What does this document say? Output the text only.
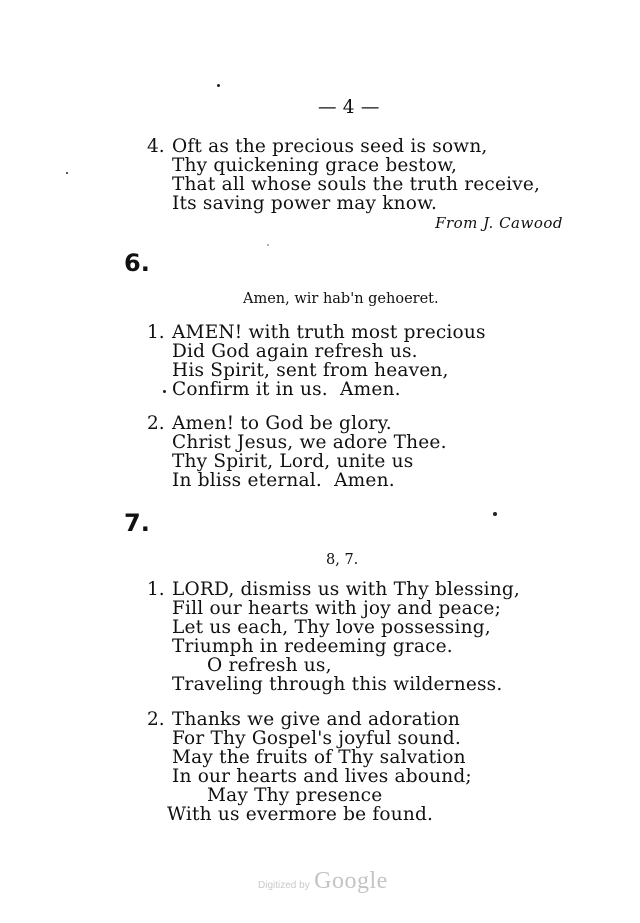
— 4 —
4. Oft as the precious seed is sown,
Thy quickening grace bestow,
That all whose souls the truth receive,
Its saving power may know.
From J. Cawood
6.
Amen, wir hab'n gehoeret.
1. AMEN! with truth most precious
Did God again refresh us.
His Spirit, sent from heaven,
Confirm it in us.  Amen.
2. Amen! to God be glory.
Christ Jesus, we adore Thee.
Thy Spirit, Lord, unite us
In bliss eternal.  Amen.
7.
8, 7.
1. LORD, dismiss us with Thy blessing,
Fill our hearts with joy and peace;
Let us each, Thy love possessing,
Triumph in redeeming grace.
O refresh us,
Traveling through this wilderness.
2. Thanks we give and adoration
For Thy Gospel's joyful sound.
May the fruits of Thy salvation
In our hearts and lives abound;
May Thy presence
With us evermore be found.
Digitized by Google
